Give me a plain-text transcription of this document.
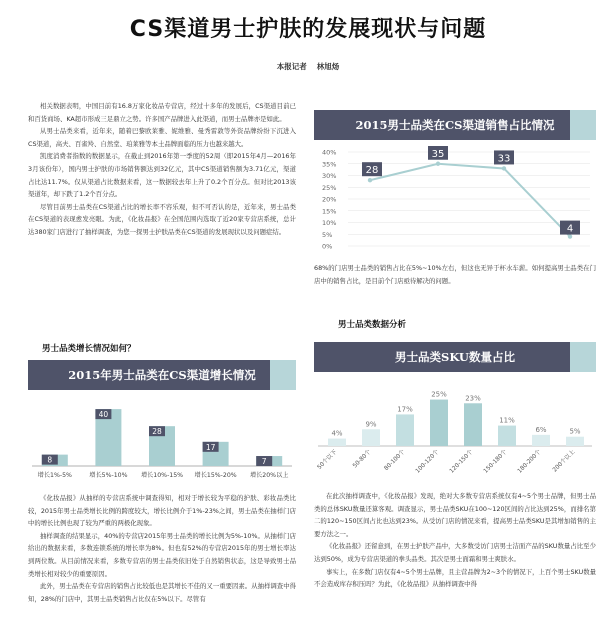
CS渠道男士护肤的发展现状与问题
本报记者 林旭炀

相关数据表明，中国目前有16.8万家化妆品专营店，经过十多年的发展后，CS渠道目前已和百货商场、KA超市形成三足鼎立之势。许多国产品牌进入此渠道，而男士品牌亦是如此。

从男士品类来看，近年来，随着巴黎欧莱雅、妮维雅、曼秀雷敦等外资品牌纷纷下沉进入CS渠道，高夫、百雀羚、自然堂、珀莱雅等本土品牌面临的压力也越来越大。

凯度消费者指数的数据显示，在截止到2016年第一季度的52周（即2015年4月—2016年3月该份年），国内男士护肤的市场销售额达到32亿元，其中CS渠道销售额为3.71亿元，渠道占比达11.7%。仅从渠道占比数据来看，这一数据较去年上升了0.2个百分点。但对比2013该渠道年，却下跌了1.2个百分点。

尽管目前男士品类在CS渠道占比的增长率不容乐观，但不可否认的是，近年来，男士品类在CS渠道的表现愈发亮眼。为此，《化妆品报》在全国范围内选取了近20家专营店系统，总计达380家门店进行了抽样调查，为您一探男士护肤品类在CS渠道的发展现状以及问题症结。

男士品类增长情况如何？
2015年男士品类在CS渠道增长情况
8
增长1%-5%
40
增长5%-10%
28
增长10%-15%
17
增长15%-20%
7
增长20%以上

《化妆品报》从抽样的专营店系统中调查得知，相对于增长较为平稳的护肤、彩妆品类比较，2015年男士品类增长比例的跨度较大，增长比例介于1%-23%之间，男士品类在抽样门店中的增长比例也现了较为严重的两极化现象。

抽样调查的结果显示，40%的专营店2015年男士品类的增长比例为5%-10%。从抽样门店给出的数据来看，多数连锁系统的增长率为8%。但也有52%的专营店2015年的男士增长率达到两位数。从目前情况来看，多数专营店的男士品类依旧处于自然销售状态，这是导致男士品类增长相对较少的重要原因。

此外，男士品类在专营店的销售占比较低也是其增长不佳的又一重要因素。从抽样调查中得知，28%的门店中，其男士品类销售占比仅在5%以下。尽管有

2015男士品类在CS渠道销售占比情况
40%
35%
30%
25%
20%
15%
10%
5%
0%
28
35	33
4

68%的门店男士品类的销售占比在5%~10%左右，但这也无异于杯水车薪。如何提高男士品类在门店中的销售占比，是目前个门店亟待解决的问题。

男士品类数据分析
男士品类SKU数量占比
4%
50个以下
9%
50-80个
17%
80-100个
25%
100-120个
23%
120-150个
11%
150-180个
6%
180-200个
5%
200个以上

在此次抽样调查中，《化妆品报》发现，绝对大多数专营店系统仅有4~5个男士品牌，但男士品类的总体SKU数量还算客观。调查显示，男士品类SKU在100~120区间的占比达到25%，而排名第二的120~150区间占比也达到23%。从受访门店的情况来看，提高男士品类SKU是其增加销售的主要方法之一。

《化妆品报》还留意到，在男士护肤产品中，大多数受访门店男士洁面产品的SKU数量占比至少达到50%，成为专营店渠道的拳头品类。其次是男士面霜和男士爽肤水。

事实上，在多数门店仅有4~5个男士品牌，且主营品牌为2~3个的情况下，上百个男士SKU数量不会造成库存积压吗？为此，《化妆品报》从抽样调查中得
